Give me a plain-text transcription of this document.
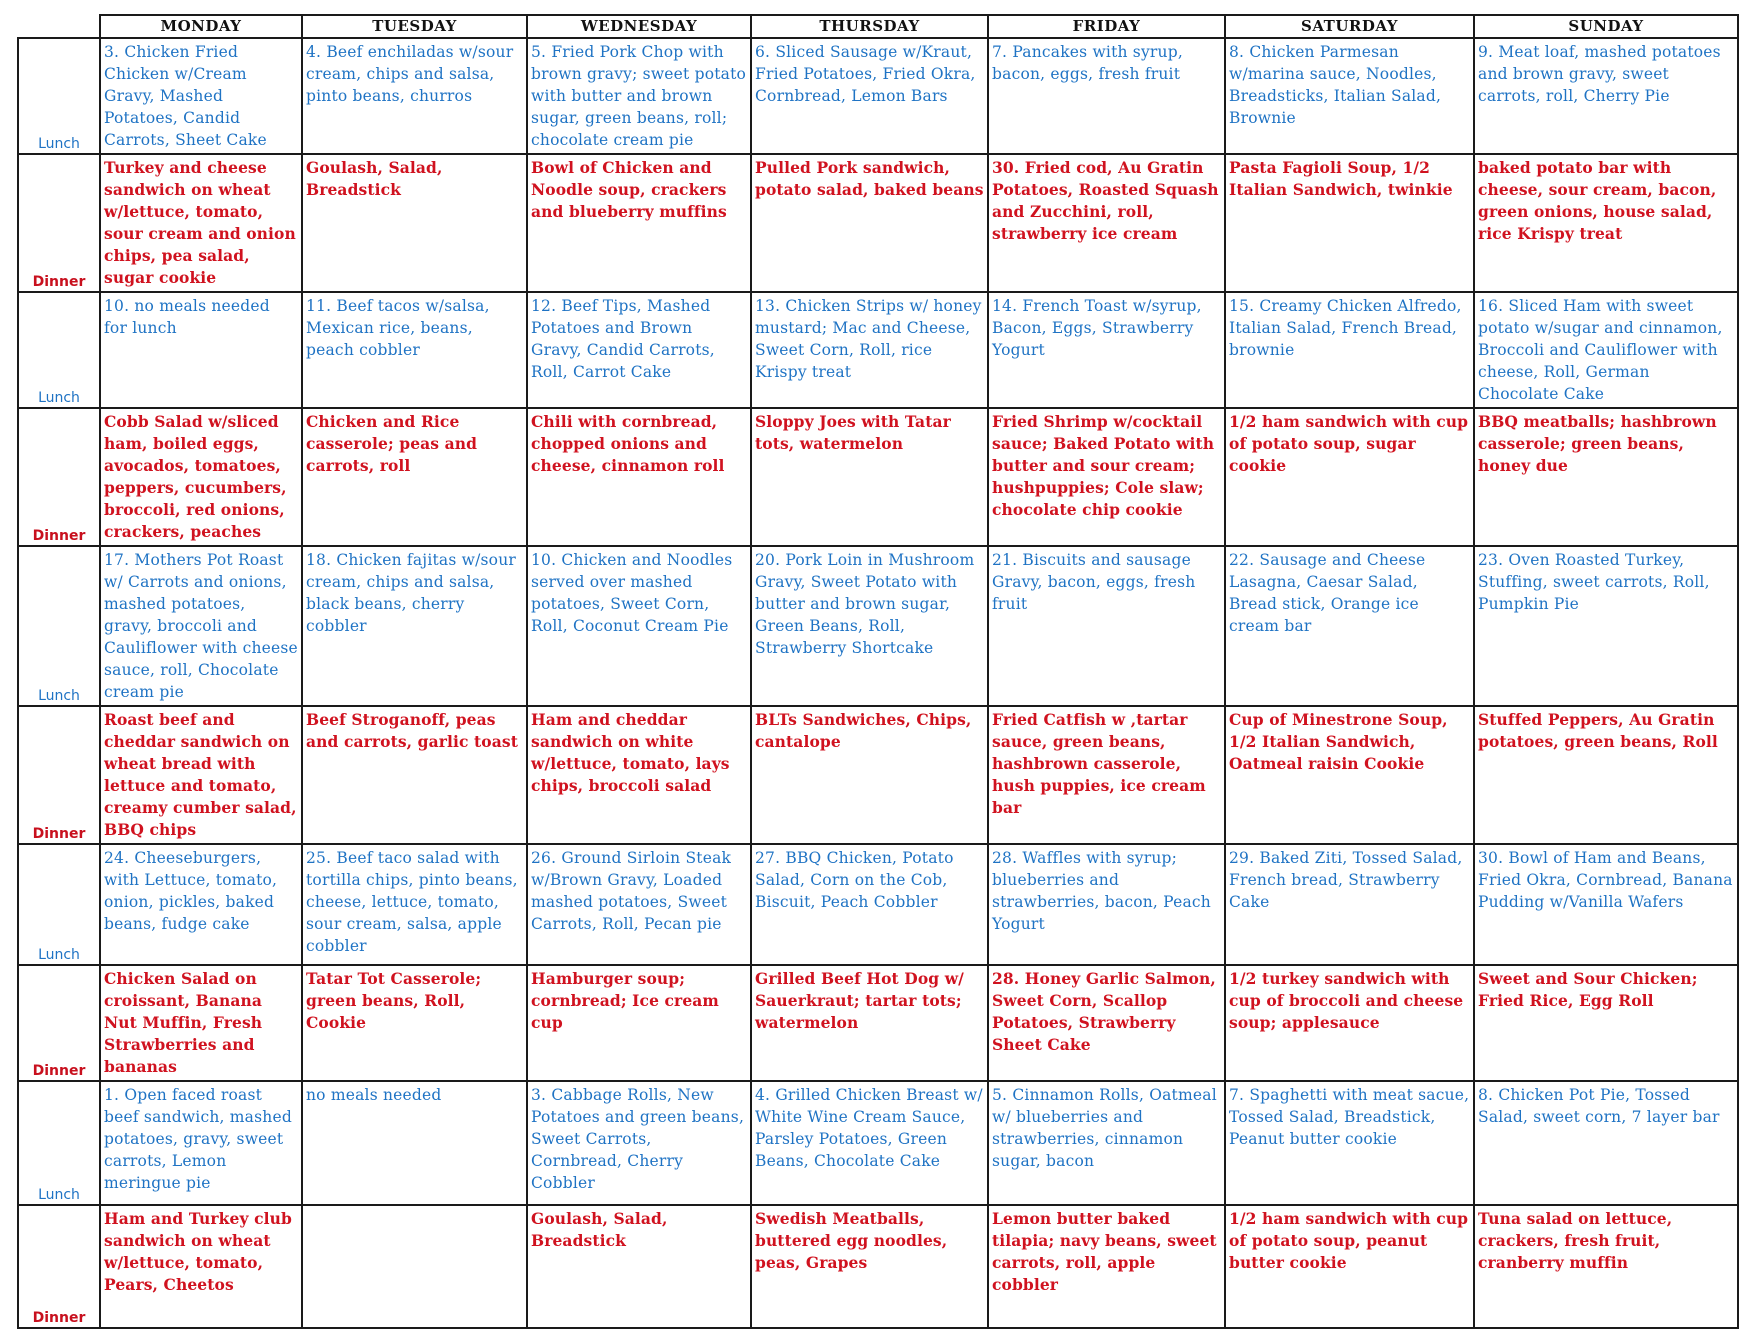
	MONDAY	TUESDAY	WEDNESDAY	THURSDAY	FRIDAY	SATURDAY	SUNDAY
Lunch	3. Chicken Fried Chicken w/Cream Gravy, Mashed Potatoes, Candid Carrots, Sheet Cake	4. Beef enchiladas w/sour cream, chips and salsa, pinto beans, churros	5. Fried Pork Chop with brown gravy; sweet potato with butter and brown sugar, green beans, roll; chocolate cream pie	6. Sliced Sausage w/Kraut, Fried Potatoes, Fried Okra, Cornbread, Lemon Bars	7. Pancakes with syrup, bacon, eggs, fresh fruit	8. Chicken Parmesan w/marina sauce, Noodles, Breadsticks, Italian Salad, Brownie	9. Meat loaf, mashed potatoes and brown gravy, sweet carrots, roll, Cherry Pie
Dinner	Turkey and cheese sandwich on wheat w/lettuce, tomato, sour cream and onion chips, pea salad, sugar cookie	Goulash, Salad, Breadstick	Bowl of Chicken and Noodle soup, crackers and blueberry muffins	Pulled Pork sandwich, potato salad, baked beans	30. Fried cod, Au Gratin Potatoes, Roasted Squash and Zucchini, roll, strawberry ice cream	Pasta Fagioli Soup, 1/2 Italian Sandwich, twinkie	baked potato bar with cheese, sour cream, bacon, green onions, house salad, rice Krispy treat
Lunch	10. no meals needed for lunch	11. Beef tacos w/salsa, Mexican rice, beans, peach cobbler	12. Beef Tips, Mashed Potatoes and Brown Gravy, Candid Carrots, Roll, Carrot Cake	13. Chicken Strips w/ honey mustard; Mac and Cheese, Sweet Corn, Roll, rice Krispy treat	14. French Toast w/syrup, Bacon, Eggs, Strawberry Yogurt	15. Creamy Chicken Alfredo, Italian Salad, French Bread, brownie	16. Sliced Ham with sweet potato w/sugar and cinnamon, Broccoli and Cauliflower with cheese, Roll, German Chocolate Cake
Dinner	Cobb Salad w/sliced ham, boiled eggs, avocados, tomatoes, peppers, cucumbers, broccoli, red onions, crackers, peaches	Chicken and Rice casserole; peas and carrots, roll	Chili with cornbread, chopped onions and cheese, cinnamon roll	Sloppy Joes with Tatar tots, watermelon	Fried Shrimp w/cocktail sauce; Baked Potato with butter and sour cream; hushpuppies; Cole slaw; chocolate chip cookie	1/2 ham sandwich with cup of potato soup, sugar cookie	BBQ meatballs; hashbrown casserole; green beans, honey due
Lunch	17. Mothers Pot Roast w/ Carrots and onions, mashed potatoes, gravy, broccoli and Cauliflower with cheese sauce, roll, Chocolate cream pie	18. Chicken fajitas w/sour cream, chips and salsa, black beans, cherry cobbler	10. Chicken and Noodles served over mashed potatoes, Sweet Corn, Roll, Coconut Cream Pie	20. Pork Loin in Mushroom Gravy, Sweet Potato with butter and brown sugar, Green Beans, Roll, Strawberry Shortcake	21. Biscuits and sausage Gravy, bacon, eggs, fresh fruit	22. Sausage and Cheese Lasagna, Caesar Salad, Bread stick, Orange ice cream bar	23. Oven Roasted Turkey, Stuffing, sweet carrots, Roll, Pumpkin Pie
Dinner	Roast beef and cheddar sandwich on wheat bread with lettuce and tomato, creamy cumber salad, BBQ chips	Beef Stroganoff, peas and carrots, garlic toast	Ham and cheddar sandwich on white w/lettuce, tomato, lays chips, broccoli salad	BLTs Sandwiches, Chips, cantalope	Fried Catfish w ,tartar sauce, green beans, hashbrown casserole, hush puppies, ice cream bar	Cup of Minestrone Soup, 1/2 Italian Sandwich, Oatmeal raisin Cookie	Stuffed Peppers, Au Gratin potatoes, green beans, Roll
Lunch	24. Cheeseburgers, with Lettuce, tomato, onion, pickles, baked beans, fudge cake	25. Beef taco salad with tortilla chips, pinto beans, cheese, lettuce, tomato, sour cream, salsa, apple cobbler	26. Ground Sirloin Steak w/Brown Gravy, Loaded mashed potatoes, Sweet Carrots, Roll, Pecan pie	27. BBQ Chicken, Potato Salad, Corn on the Cob, Biscuit, Peach Cobbler	28. Waffles with syrup; blueberries and strawberries, bacon, Peach Yogurt	29. Baked Ziti, Tossed Salad, French bread, Strawberry Cake	30. Bowl of Ham and Beans, Fried Okra, Cornbread, Banana Pudding w/Vanilla Wafers
Dinner	Chicken Salad on croissant, Banana Nut Muffin, Fresh Strawberries and bananas	Tatar Tot Casserole; green beans, Roll, Cookie	Hamburger soup; cornbread; Ice cream cup	Grilled Beef Hot Dog w/ Sauerkraut; tartar tots; watermelon	28. Honey Garlic Salmon, Sweet Corn, Scallop Potatoes, Strawberry Sheet Cake	1/2 turkey sandwich with cup of broccoli and cheese soup; applesauce	Sweet and Sour Chicken; Fried Rice, Egg Roll
Lunch	1. Open faced roast beef sandwich, mashed potatoes, gravy, sweet carrots, Lemon meringue pie	no meals needed	3. Cabbage Rolls, New Potatoes and green beans, Sweet Carrots, Cornbread, Cherry Cobbler	4. Grilled Chicken Breast w/ White Wine Cream Sauce, Parsley Potatoes, Green Beans, Chocolate Cake	5. Cinnamon Rolls, Oatmeal w/ blueberries and strawberries, cinnamon sugar, bacon	7. Spaghetti with meat sacue, Tossed Salad, Breadstick, Peanut butter cookie	8. Chicken Pot Pie, Tossed Salad, sweet corn, 7 layer bar
Dinner	Ham and Turkey club sandwich on wheat w/lettuce, tomato, Pears, Cheetos		Goulash, Salad, Breadstick	Swedish Meatballs, buttered egg noodles, peas, Grapes	Lemon butter baked tilapia; navy beans, sweet carrots, roll, apple cobbler	1/2 ham sandwich with cup of potato soup, peanut butter cookie	Tuna salad on lettuce, crackers, fresh fruit, cranberry muffin
